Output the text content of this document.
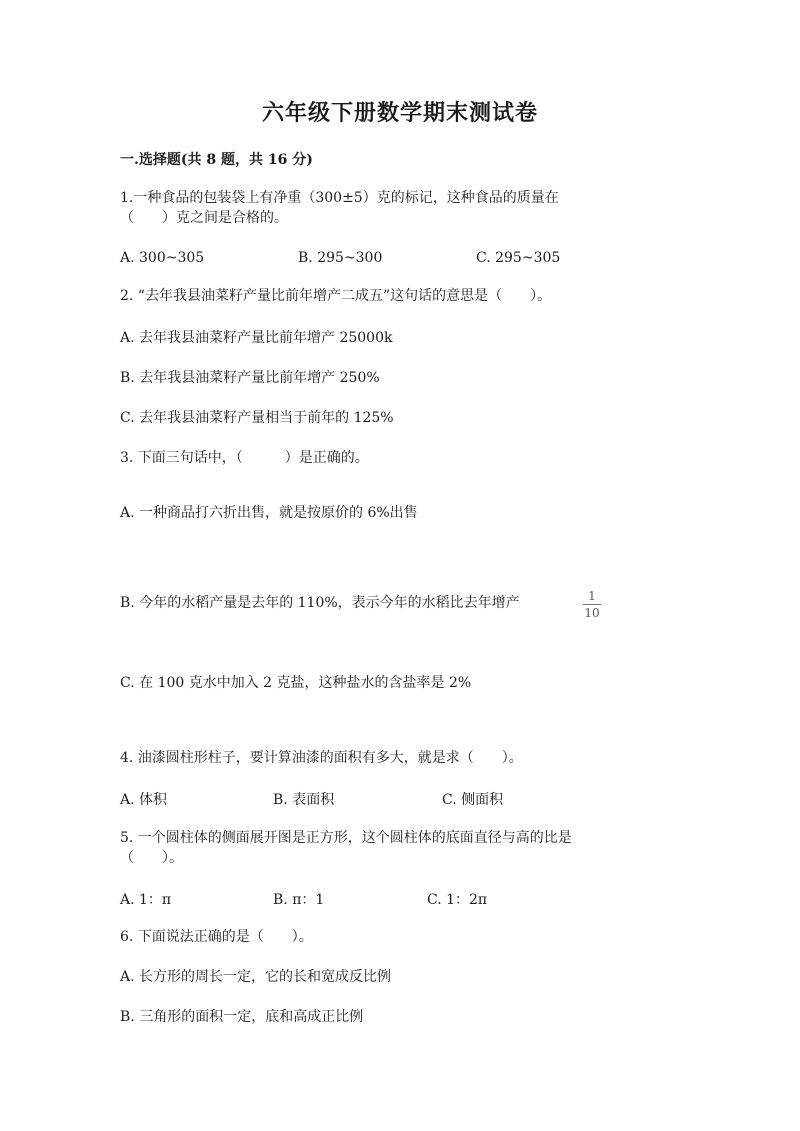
六年级下册数学期末测试卷
一.选择题(共 8 题，共 16 分)
1.一种食品的包装袋上有净重（300±5）克的标记，这种食品的质量在
（　　）克之间是合格的。
A. 300~305	B. 295~300	C. 295~305
2. “去年我县油菜籽产量比前年增产二成五”这句话的意思是（　　）。
A. 去年我县油菜籽产量比前年增产 25000k
B. 去年我县油菜籽产量比前年增产 250%
C. 去年我县油菜籽产量相当于前年的 125%
3. 下面三句话中，（　　　）是正确的。
A. 一种商品打六折出售，就是按原价的 6%出售
B. 今年的水稻产量是去年的 110%，表示今年的水稻比去年增产	1
10
C. 在 100 克水中加入 2 克盐，这种盐水的含盐率是 2%
4. 油漆圆柱形柱子，要计算油漆的面积有多大，就是求（　　）。
A. 体积	B. 表面积	C. 侧面积
5. 一个圆柱体的侧面展开图是正方形，这个圆柱体的底面直径与高的比是
（　　）。
A. 1：π	B. π：1	C. 1：2π
6. 下面说法正确的是（　　）。
A. 长方形的周长一定，它的长和宽成反比例
B. 三角形的面积一定，底和高成正比例
